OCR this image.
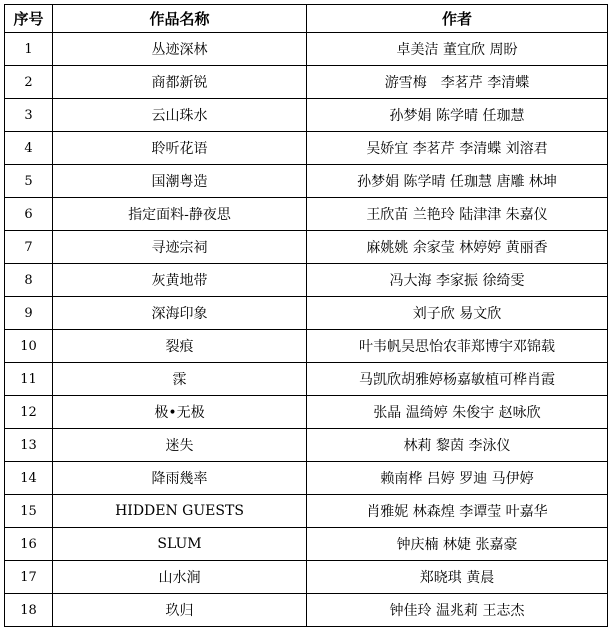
序号	作品名称	作者
1	丛迹深林	卓美洁 董宜欣 周盼
2	商都新锐	游雪梅　李茗芹 李清蝶
3	云山珠水	孙梦娟 陈学晴 任珈慧
4	聆听花语	吴娇宜 李茗芹 李清蝶 刘溶君
5	国潮粤造	孙梦娟 陈学晴 任珈慧 唐雕 林坤
6	指定面料-静夜思	王欣苗 兰艳玲 陆津津 朱嘉仪
7	寻迹宗祠	麻姚姚 余家莹 林婷婷 黄丽香
8	灰黄地带	冯大海 李家振 徐绮雯
9	深海印象	刘子欣 易文欣
10	裂痕	叶韦帆吴思怡农菲郑博宇邓锦载
11	霂	马凯欣胡雅婷杨嘉敏植可桦肖霞
12	极•无极	张晶 温绮婷 朱俊宇 赵咏欣
13	迷失	林莉 黎茵 李泳仪
14	降雨幾率	赖南桦 吕婷 罗迪 马伊婷
15	HIDDEN GUESTS	肖雅妮 林森煌 李谭莹 叶嘉华
16	SLUM	钟庆楠 林婕 张嘉豪
17	山水涧	郑晓琪 黄晨
18	玖归	钟佳玲 温兆莉 王志杰
